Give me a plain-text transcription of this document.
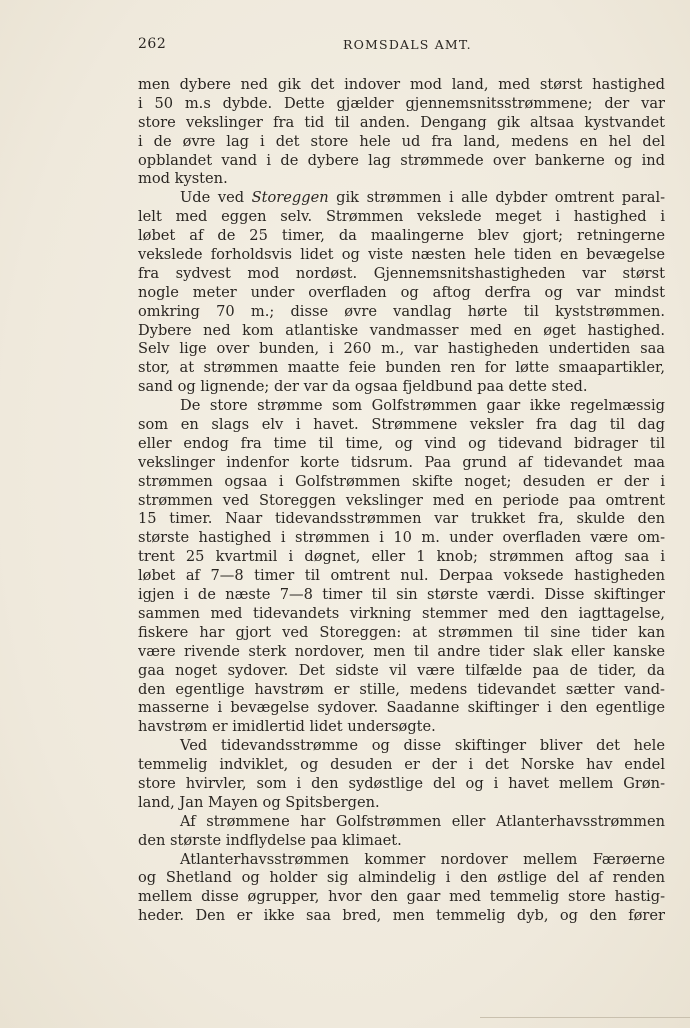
262	ROMSDALS AMT.
men dybere ned gik det indover mod land, med størst hastighed
i 50 m.s dybde. Dette gjælder gjennemsnitsstrømmene; der var
store vekslinger fra tid til anden. Dengang gik altsaa kystvandet
i de øvre lag i det store hele ud fra land, medens en hel del
opblandet vand i de dybere lag strømmede over bankerne og ind
mod kysten.
Ude ved Storeggen gik strømmen i alle dybder omtrent paral-
lelt med eggen selv. Strømmen vekslede meget i hastighed i
løbet af de 25 timer, da maalingerne blev gjort; retningerne
vekslede forholdsvis lidet og viste næsten hele tiden en bevægelse
fra sydvest mod nordøst. Gjennemsnitshastigheden var størst
nogle meter under overfladen og aftog derfra og var mindst
omkring 70 m.; disse øvre vandlag hørte til kyststrømmen.
Dybere ned kom atlantiske vandmasser med en øget hastighed.
Selv lige over bunden, i 260 m., var hastigheden undertiden saa
stor, at strømmen maatte feie bunden ren for løtte smaapartikler,
sand og lignende; der var da ogsaa fjeldbund paa dette sted.
De store strømme som Golfstrømmen gaar ikke regelmæssig
som en slags elv i havet. Strømmene veksler fra dag til dag
eller endog fra time til time, og vind og tidevand bidrager til
vekslinger indenfor korte tidsrum. Paa grund af tidevandet maa
strømmen ogsaa i Golfstrømmen skifte noget; desuden er der i
strømmen ved Storeggen vekslinger med en periode paa omtrent
15 timer. Naar tidevandsstrømmen var trukket fra, skulde den
største hastighed i strømmen i 10 m. under overfladen være om-
trent 25 kvartmil i døgnet, eller 1 knob; strømmen aftog saa i
løbet af 7—8 timer til omtrent nul. Derpaa voksede hastigheden
igjen i de næste 7—8 timer til sin største værdi. Disse skiftinger
sammen med tidevandets virkning stemmer med den iagttagelse,
fiskere har gjort ved Storeggen: at strømmen til sine tider kan
være rivende sterk nordover, men til andre tider slak eller kanske
gaa noget sydover. Det sidste vil være tilfælde paa de tider, da
den egentlige havstrøm er stille, medens tidevandet sætter vand-
masserne i bevægelse sydover. Saadanne skiftinger i den egentlige
havstrøm er imidlertid lidet undersøgte.
Ved tidevandsstrømme og disse skiftinger bliver det hele
temmelig indviklet, og desuden er der i det Norske hav endel
store hvirvler, som i den sydøstlige del og i havet mellem Grøn-
land, Jan Mayen og Spitsbergen.
Af strømmene har Golfstrømmen eller Atlanterhavsstrømmen
den største indflydelse paa klimaet.
Atlanterhavsstrømmen kommer nordover mellem Færøerne
og Shetland og holder sig almindelig i den østlige del af renden
mellem disse øgrupper, hvor den gaar med temmelig store hastig-
heder. Den er ikke saa bred, men temmelig dyb, og den fører
